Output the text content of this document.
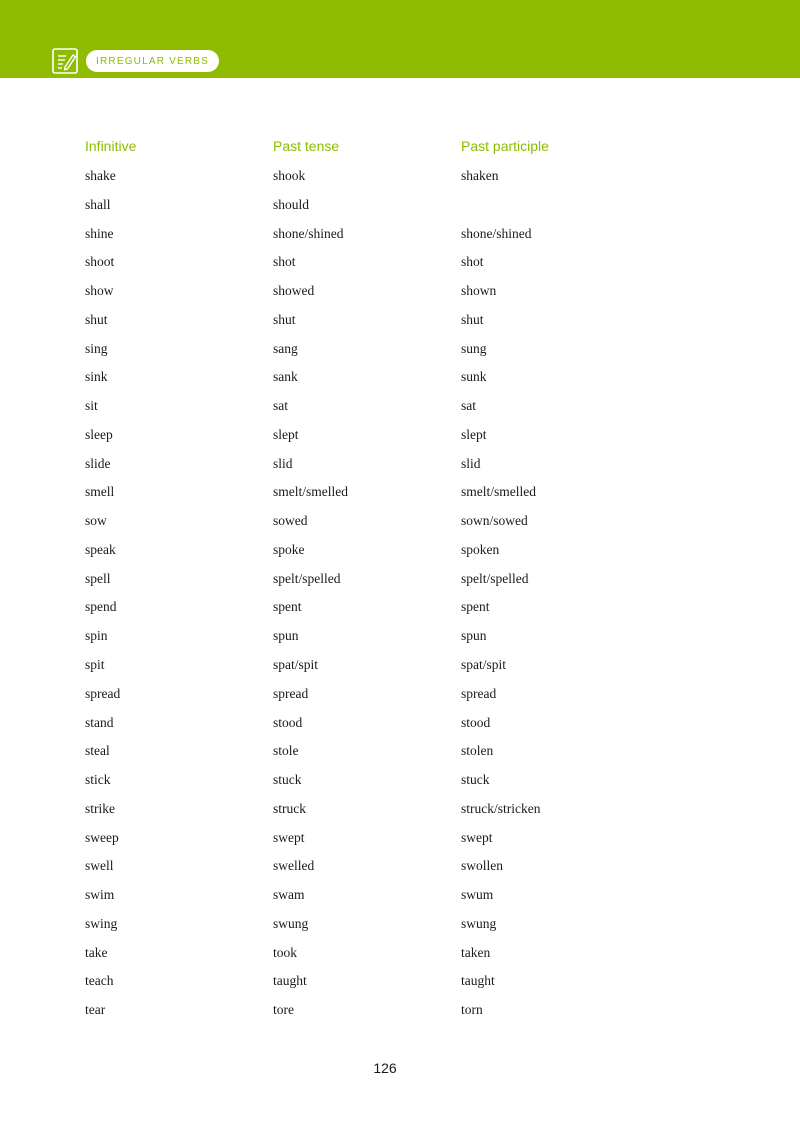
IRREGULAR VERBS
Infinitive	Past tense	Past participle
shake	shook	shaken
shall	should
shine	shone/shined	shone/shined
shoot	shot	shot
show	showed	shown
shut	shut	shut
sing	sang	sung
sink	sank	sunk
sit	sat	sat
sleep	slept	slept
slide	slid	slid
smell	smelt/smelled	smelt/smelled
sow	sowed	sown/sowed
speak	spoke	spoken
spell	spelt/spelled	spelt/spelled
spend	spent	spent
spin	spun	spun
spit	spat/spit	spat/spit
spread	spread	spread
stand	stood	stood
steal	stole	stolen
stick	stuck	stuck
strike	struck	struck/stricken
sweep	swept	swept
swell	swelled	swollen
swim	swam	swum
swing	swung	swung
take	took	taken
teach	taught	taught
tear	tore	torn
126
